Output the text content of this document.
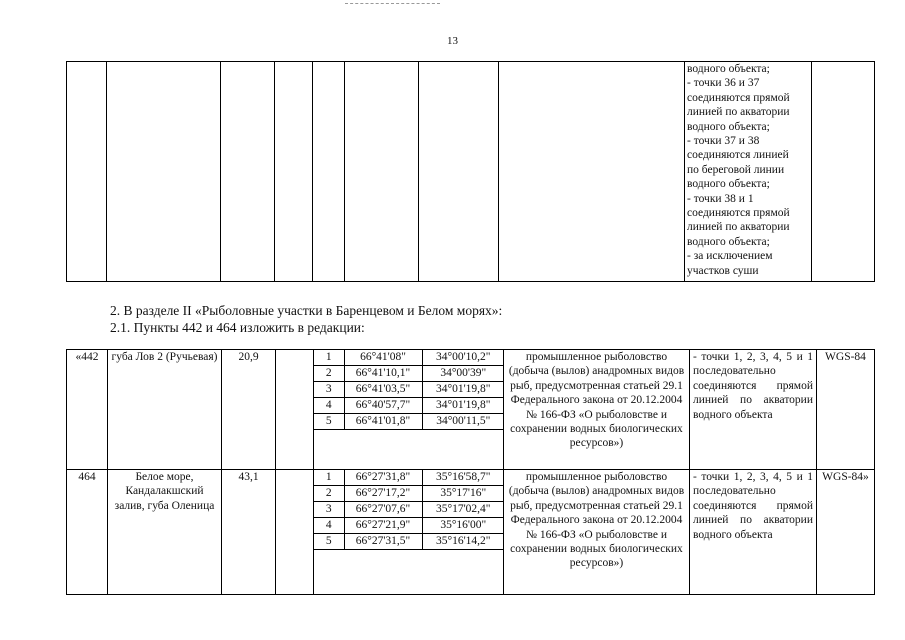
13

водного объекта;
- точки 36 и 37
соединяются прямой
линией по акватории
водного объекта;
- точки 37 и 38
соединяются линией
по береговой линии
водного объекта;
- точки 38 и 1
соединяются прямой
линией по акватории
водного объекта;
- за исключением
участков суши

2. В разделе II «Рыболовные участки в Баренцевом и Белом морях»:
2.1. Пункты 442 и 464 изложить в редакции:
«442	губа Лов 2 (Ручьевая)	20,9			1	66°41'08"	34°00'10,2"
2	66°41'10,1"	34°00'39"
3	66°41'03,5"	34°01'19,8"
4	66°40'57,7"	34°01'19,8"
5	66°41'01,8"	34°00'11,5"
	промышленное рыболовство (добыча (вылов) анадромных видов рыб, предусмотренная статьей 29.1 Федерального закона от 20.12.2004 № 166-ФЗ «О рыболовстве и сохранении водных биологических ресурсов»)	- точки 1, 2, 3, 4, 5 и 1 последовательно соединяются прямой линией по акватории водного объекта	WGS-84
464	Белое море, Кандалакшский залив, губа Оленица	43,1			1	66°27'31,8"	35°16'58,7"
2	66°27'17,2"	35°17'16"
3	66°27'07,6"	35°17'02,4"
4	66°27'21,9"	35°16'00"
5	66°27'31,5"	35°16'14,2"
	промышленное рыболовство (добыча (вылов) анадромных видов рыб, предусмотренная статьей 29.1 Федерального закона от 20.12.2004 № 166-ФЗ «О рыболовстве и сохранении водных биологических ресурсов»)	- точки 1, 2, 3, 4, 5 и 1 последовательно соединяются прямой линией по акватории водного объекта	WGS-84»
